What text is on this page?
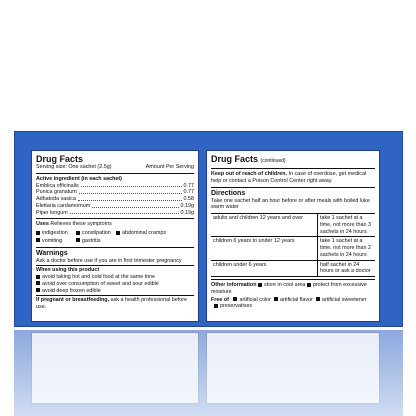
Drug Facts
Serving size: One sachet (2.5g)	Amount Per Serving
Active ingredient (in each sachet)
Emblica officinalis	0.77
Punica granatum	0.77
Adhatoda vasica	0.58
Elettaria cardamomum	0.19g
Piper longum	0.19g
Uses Relieves these symptoms
indigestion	constipation	abdominal cramps
vomiting	gastritis
Warnings
Ask a doctor before use if you are in first trimester pregnancy
When using this product
avoid taking hot and cold food at the same time
avoid over consumption of sweet and sour edible
avoid deep frozen edible
If pregnant or breastfeeding, ask a health professional before use.
Drug Facts (continued)
Keep out of reach of children. In case of overdose, get medical help or contact a Poison Control Center right away.
Directions
Take one sachet half an hour before or after meals with boiled luke warm water
adults and children 12 years and over	take 1 sachet at a time, not more than 3 sachets in 24 hours
children 6 years to under 12 years	take 1 sachet at a time, not more than 2 sachets in 24 hours
children under 6 years	half sachet in 24 hours or ask a doctor
Other information store in cool area protect from excessive moisture
Free of artificial color artificial flavor artificial sweetenerpreservatives
